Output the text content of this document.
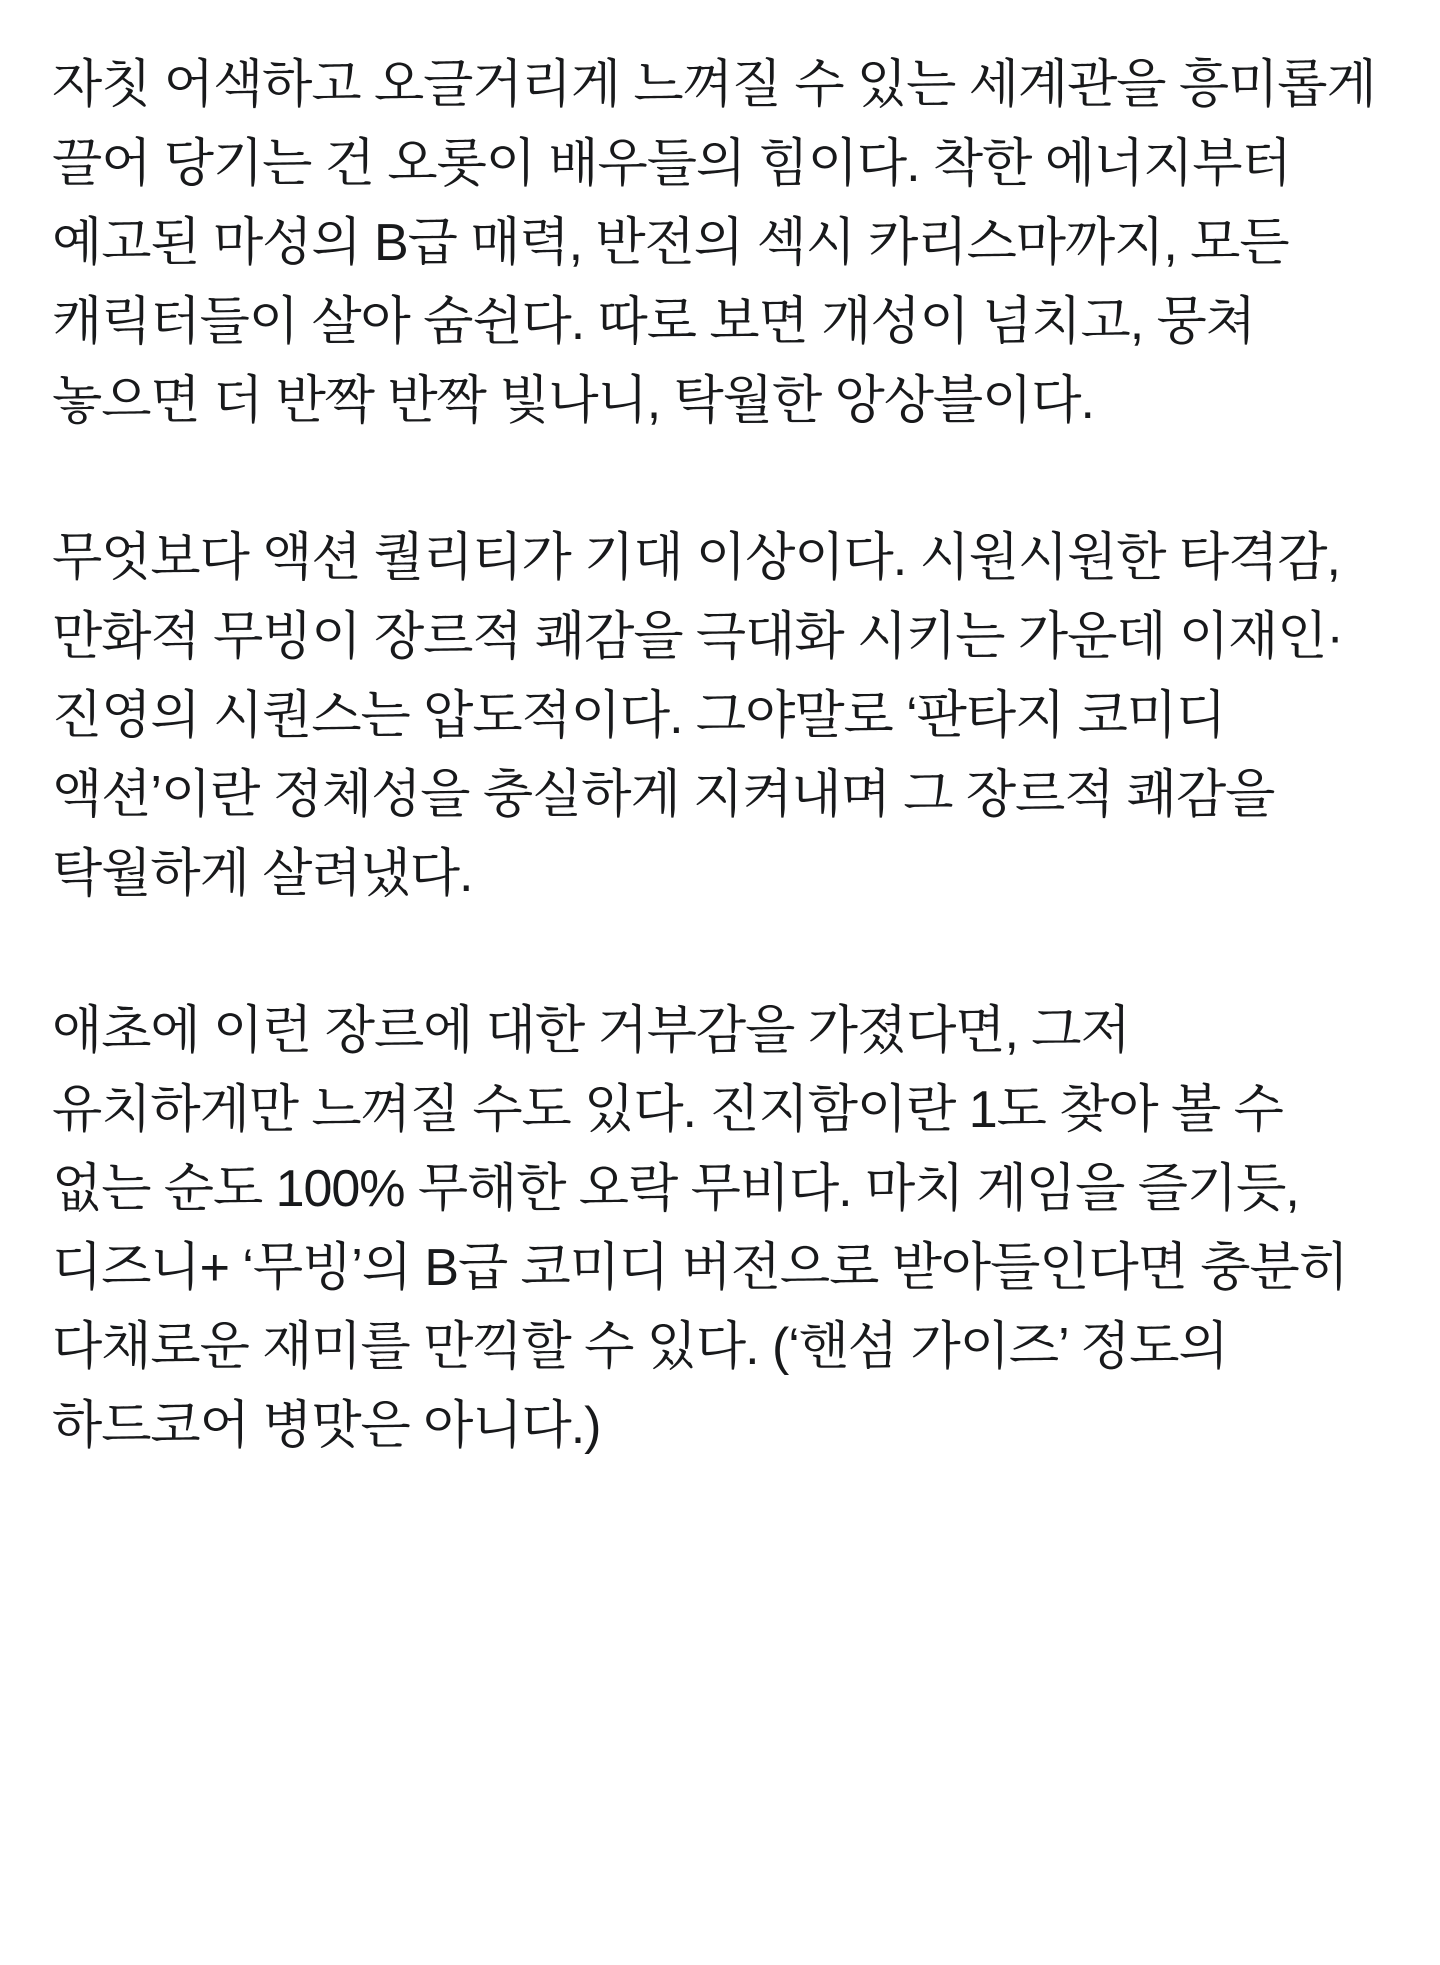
자칫 어색하고 오글거리게 느껴질 수 있는 세계관을 흥미롭게 끌어 당기는 건 오롯이 배우들의 힘이다. 착한 에너지부터 예고된 마성의 B급 매력, 반전의 섹시 카리스마까지, 모든 캐릭터들이 살아 숨쉰다. 따로 보면 개성이 넘치고, 뭉쳐 놓으면 더 반짝 반짝 빛나니, 탁월한 앙상블이다.

무엇보다 액션 퀄리티가 기대 이상이다. 시원시원한 타격감, 만화적 무빙이 장르적 쾌감을 극대화 시키는 가운데 이재인·진영의 시퀀스는 압도적이다. 그야말로 ‘판타지 코미디 액션’이란 정체성을 충실하게 지켜내며 그 장르적 쾌감을 탁월하게 살려냈다.

애초에 이런 장르에 대한 거부감을 가졌다면, 그저 유치하게만 느껴질 수도 있다. 진지함이란 1도 찾아 볼 수 없는 순도 100% 무해한 오락 무비다. 마치 게임을 즐기듯, 디즈니+ ‘무빙’의 B급 코미디 버전으로 받아들인다면 충분히 다채로운 재미를 만끽할 수 있다. (‘핸섬 가이즈’ 정도의 하드코어 병맛은 아니다.)
